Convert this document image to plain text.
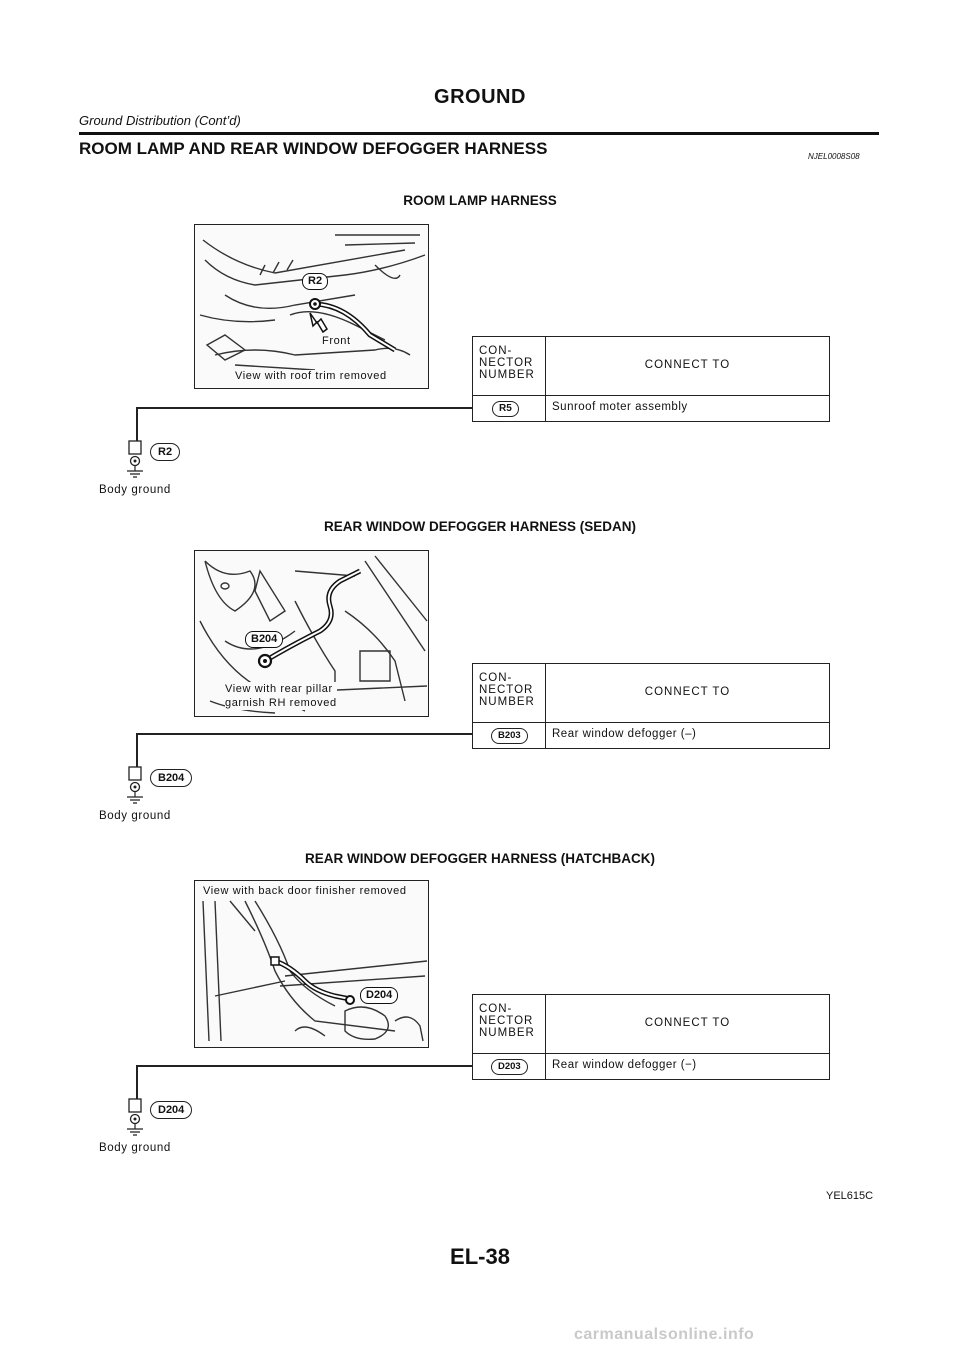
GROUND
Ground Distribution (Cont’d)
ROOM LAMP AND REAR WINDOW DEFOGGER HARNESS	NJEL0008S08
ROOM LAMP HARNESS
R2
Front
View with roof trim removed
CON-
NECTOR
NUMBER
CONNECT TO
R5	Sunroof moter assembly
R2
Body ground
REAR WINDOW DEFOGGER HARNESS (SEDAN)
B204
View with rear pillar
garnish RH removed
CON-
NECTOR
NUMBER
CONNECT TO
B203	Rear window defogger (–)
B204
Body ground
REAR WINDOW DEFOGGER HARNESS (HATCHBACK)
View with back door finisher removed
D204
CON-
NECTOR
NUMBER
CONNECT TO
D203	Rear window defogger (−)
D204
Body ground
YEL615C
EL-38
carmanualsonline.info
